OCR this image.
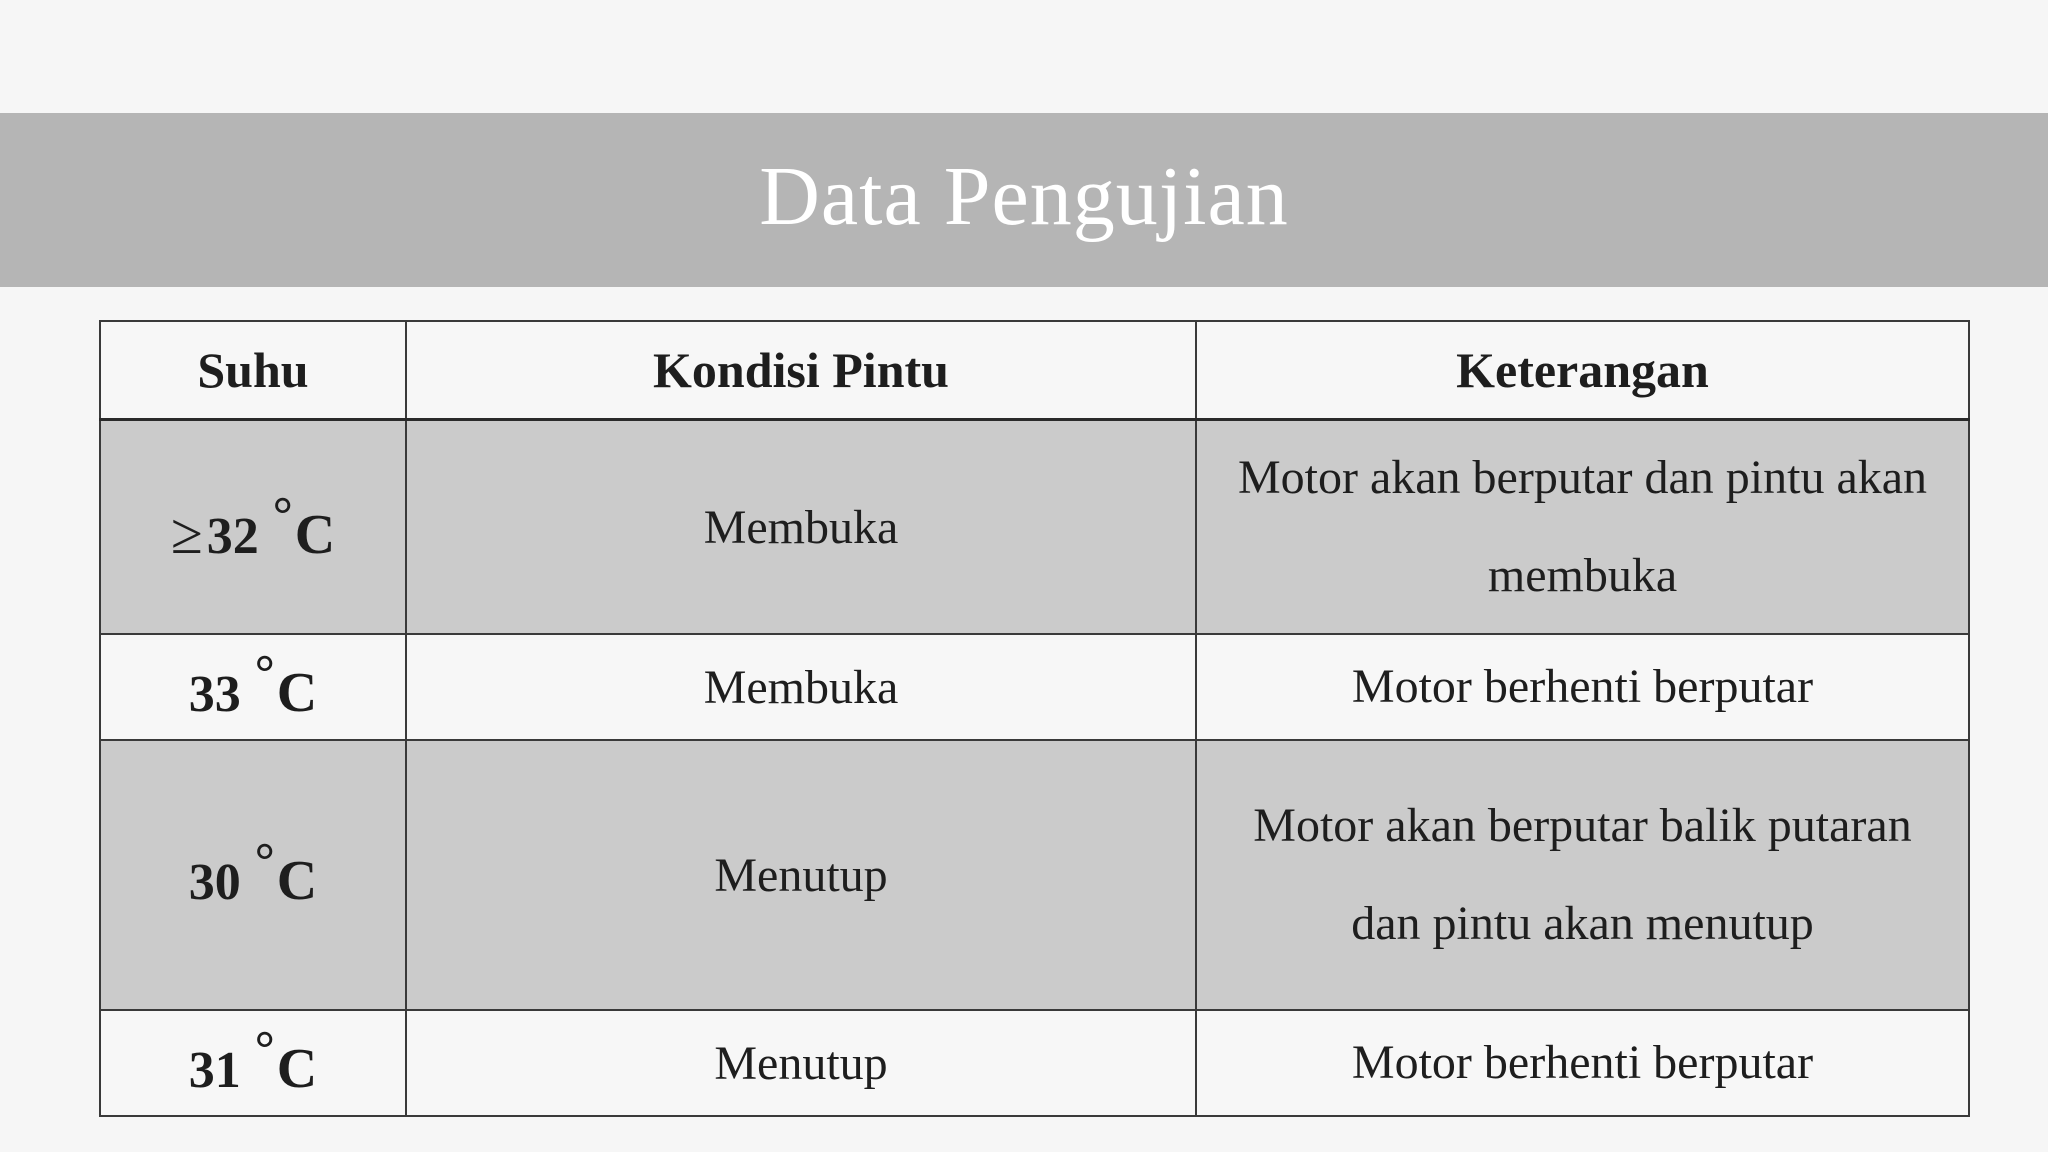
Data Pengujian
Suhu	Kondisi Pintu	Keterangan
≥32 °C	Membuka	Motor akan berputar dan pintu akan membuka

33 °C	Membuka	Motor berhenti berputar

30 °C	Menutup	Motor akan berputar balik putaran dan pintu akan menutup

31 °C	Menutup	Motor berhenti berputar
